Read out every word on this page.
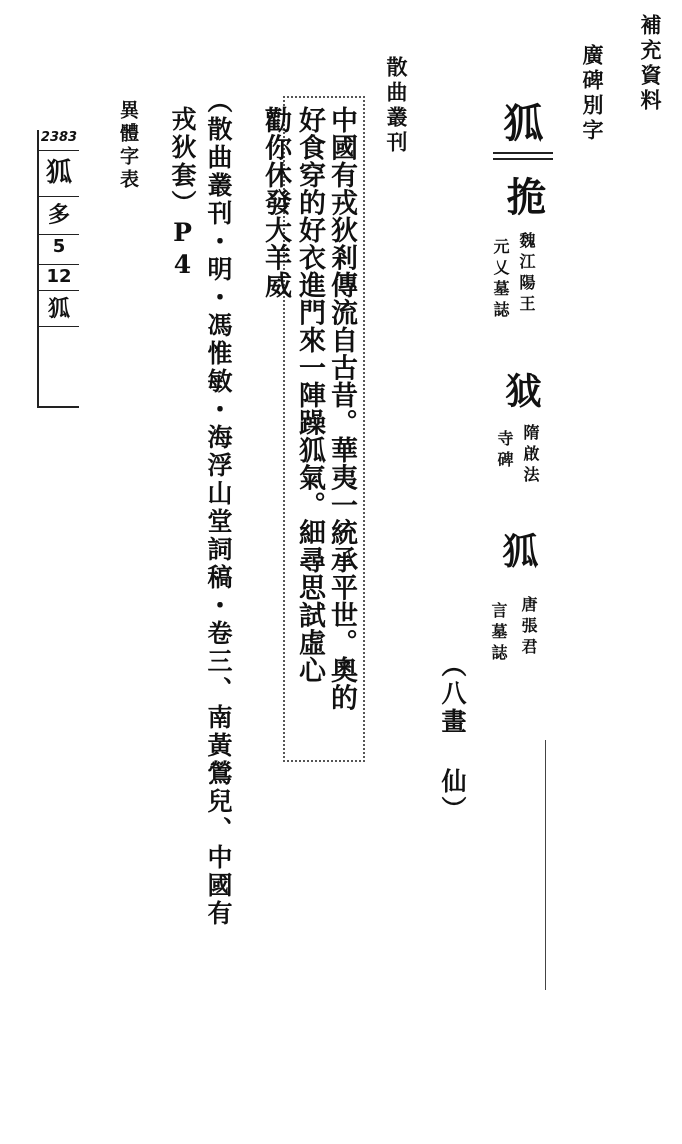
補充資料
廣碑別字
狐
㧪
魏江陽王
元乂墓誌
狘
隋啟法
寺碑
狐
唐張君
言墓誌
（八畫 仙）
散曲叢刊
中國有戎狄剎傳流自古昔。華夷一統承平世。奧的
好食穿的好衣進門來一陣躁狐氣。細尋思試虛心
勸你休發大羊威
（散曲叢刊・明・馮惟敏・海浮山堂詞稿・卷三、南黃鶯兒、中國有
戎狄套）P4
異體字表
2383
狐
多
5
12
狐
